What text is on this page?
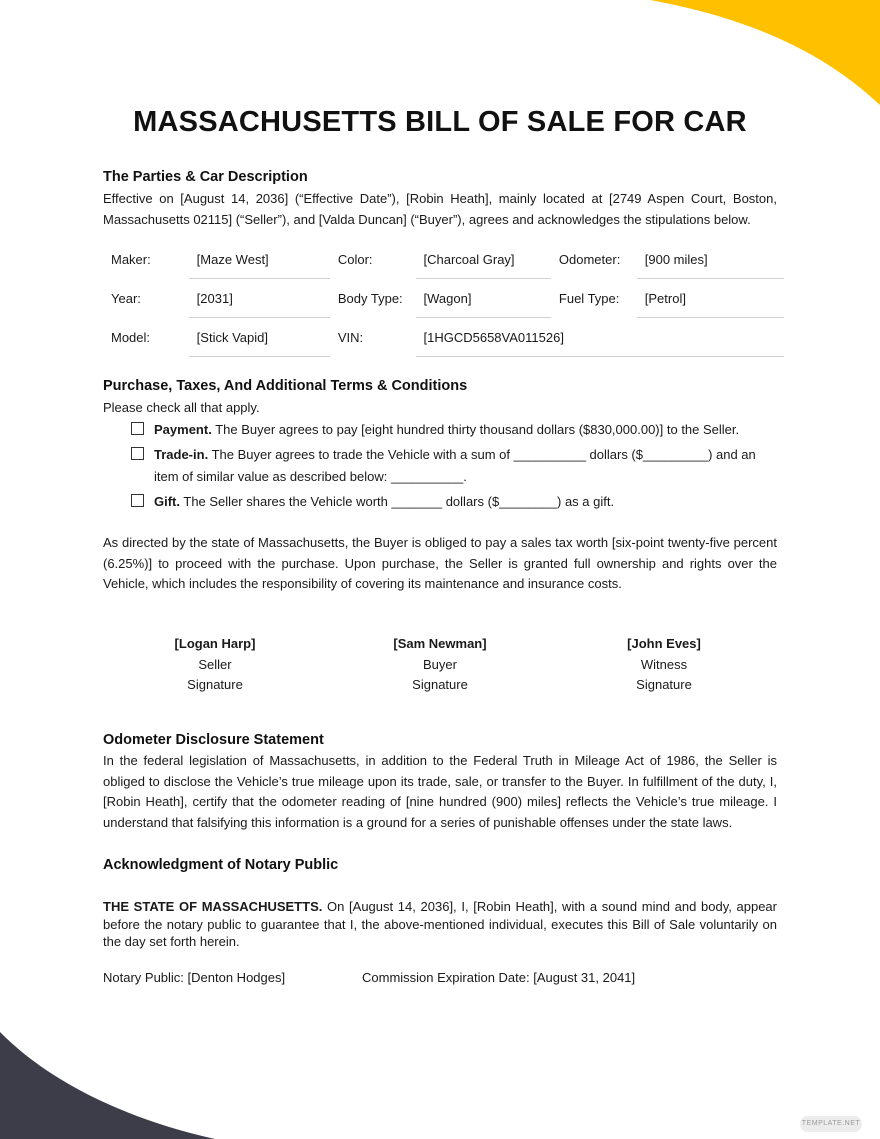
MASSACHUSETTS BILL OF SALE FOR CAR
The Parties & Car Description
Effective on [August 14, 2036] (“Effective Date”), [Robin Heath], mainly located at [2749 Aspen Court, Boston, Massachusetts 02115] (“Seller”), and [Valda Duncan] (“Buyer”), agrees and acknowledges the stipulations below.
Maker:	[Maze West]	Color:	[Charcoal Gray]	Odometer:	[900 miles]
Year:	[2031]	Body Type:	[Wagon]	Fuel Type:	[Petrol]
Model:	[Stick Vapid]	VIN:	[1HGCD5658VA011526]		
Purchase, Taxes, And Additional Terms & Conditions
Please check all that apply.
Payment. The Buyer agrees to pay [eight hundred thirty thousand dollars ($830,000.00)] to the Seller.
Trade-in. The Buyer agrees to trade the Vehicle with a sum of __________ dollars ($_________) and an item of similar value as described below: __________.
Gift. The Seller shares the Vehicle worth _______ dollars ($________) as a gift.
As directed by the state of Massachusetts, the Buyer is obliged to pay a sales tax worth [six-point twenty-five percent (6.25%)] to proceed with the purchase. Upon purchase, the Seller is granted full ownership and rights over the Vehicle, which includes the responsibility of covering its maintenance and insurance costs.
[Logan Harp]
Seller
Signature
[Sam Newman]
Buyer
Signature
[John Eves]
Witness
Signature
Odometer Disclosure Statement
In the federal legislation of Massachusetts, in addition to the Federal Truth in Mileage Act of 1986, the Seller is obliged to disclose the Vehicle’s true mileage upon its trade, sale, or transfer to the Buyer. In fulfillment of the duty, I, [Robin Heath], certify that the odometer reading of [nine hundred (900) miles] reflects the Vehicle’s true mileage. I understand that falsifying this information is a ground for a series of punishable offenses under the state laws.
Acknowledgment of Notary Public
THE STATE OF MASSACHUSETTS. On [August 14, 2036], I, [Robin Heath], with a sound mind and body, appear before the notary public to guarantee that I, the above-mentioned individual, executes this Bill of Sale voluntarily on the day set forth herein.
Notary Public: [Denton Hodges]	Commission Expiration Date: [August 31, 2041]
TEMPLATE.NET
